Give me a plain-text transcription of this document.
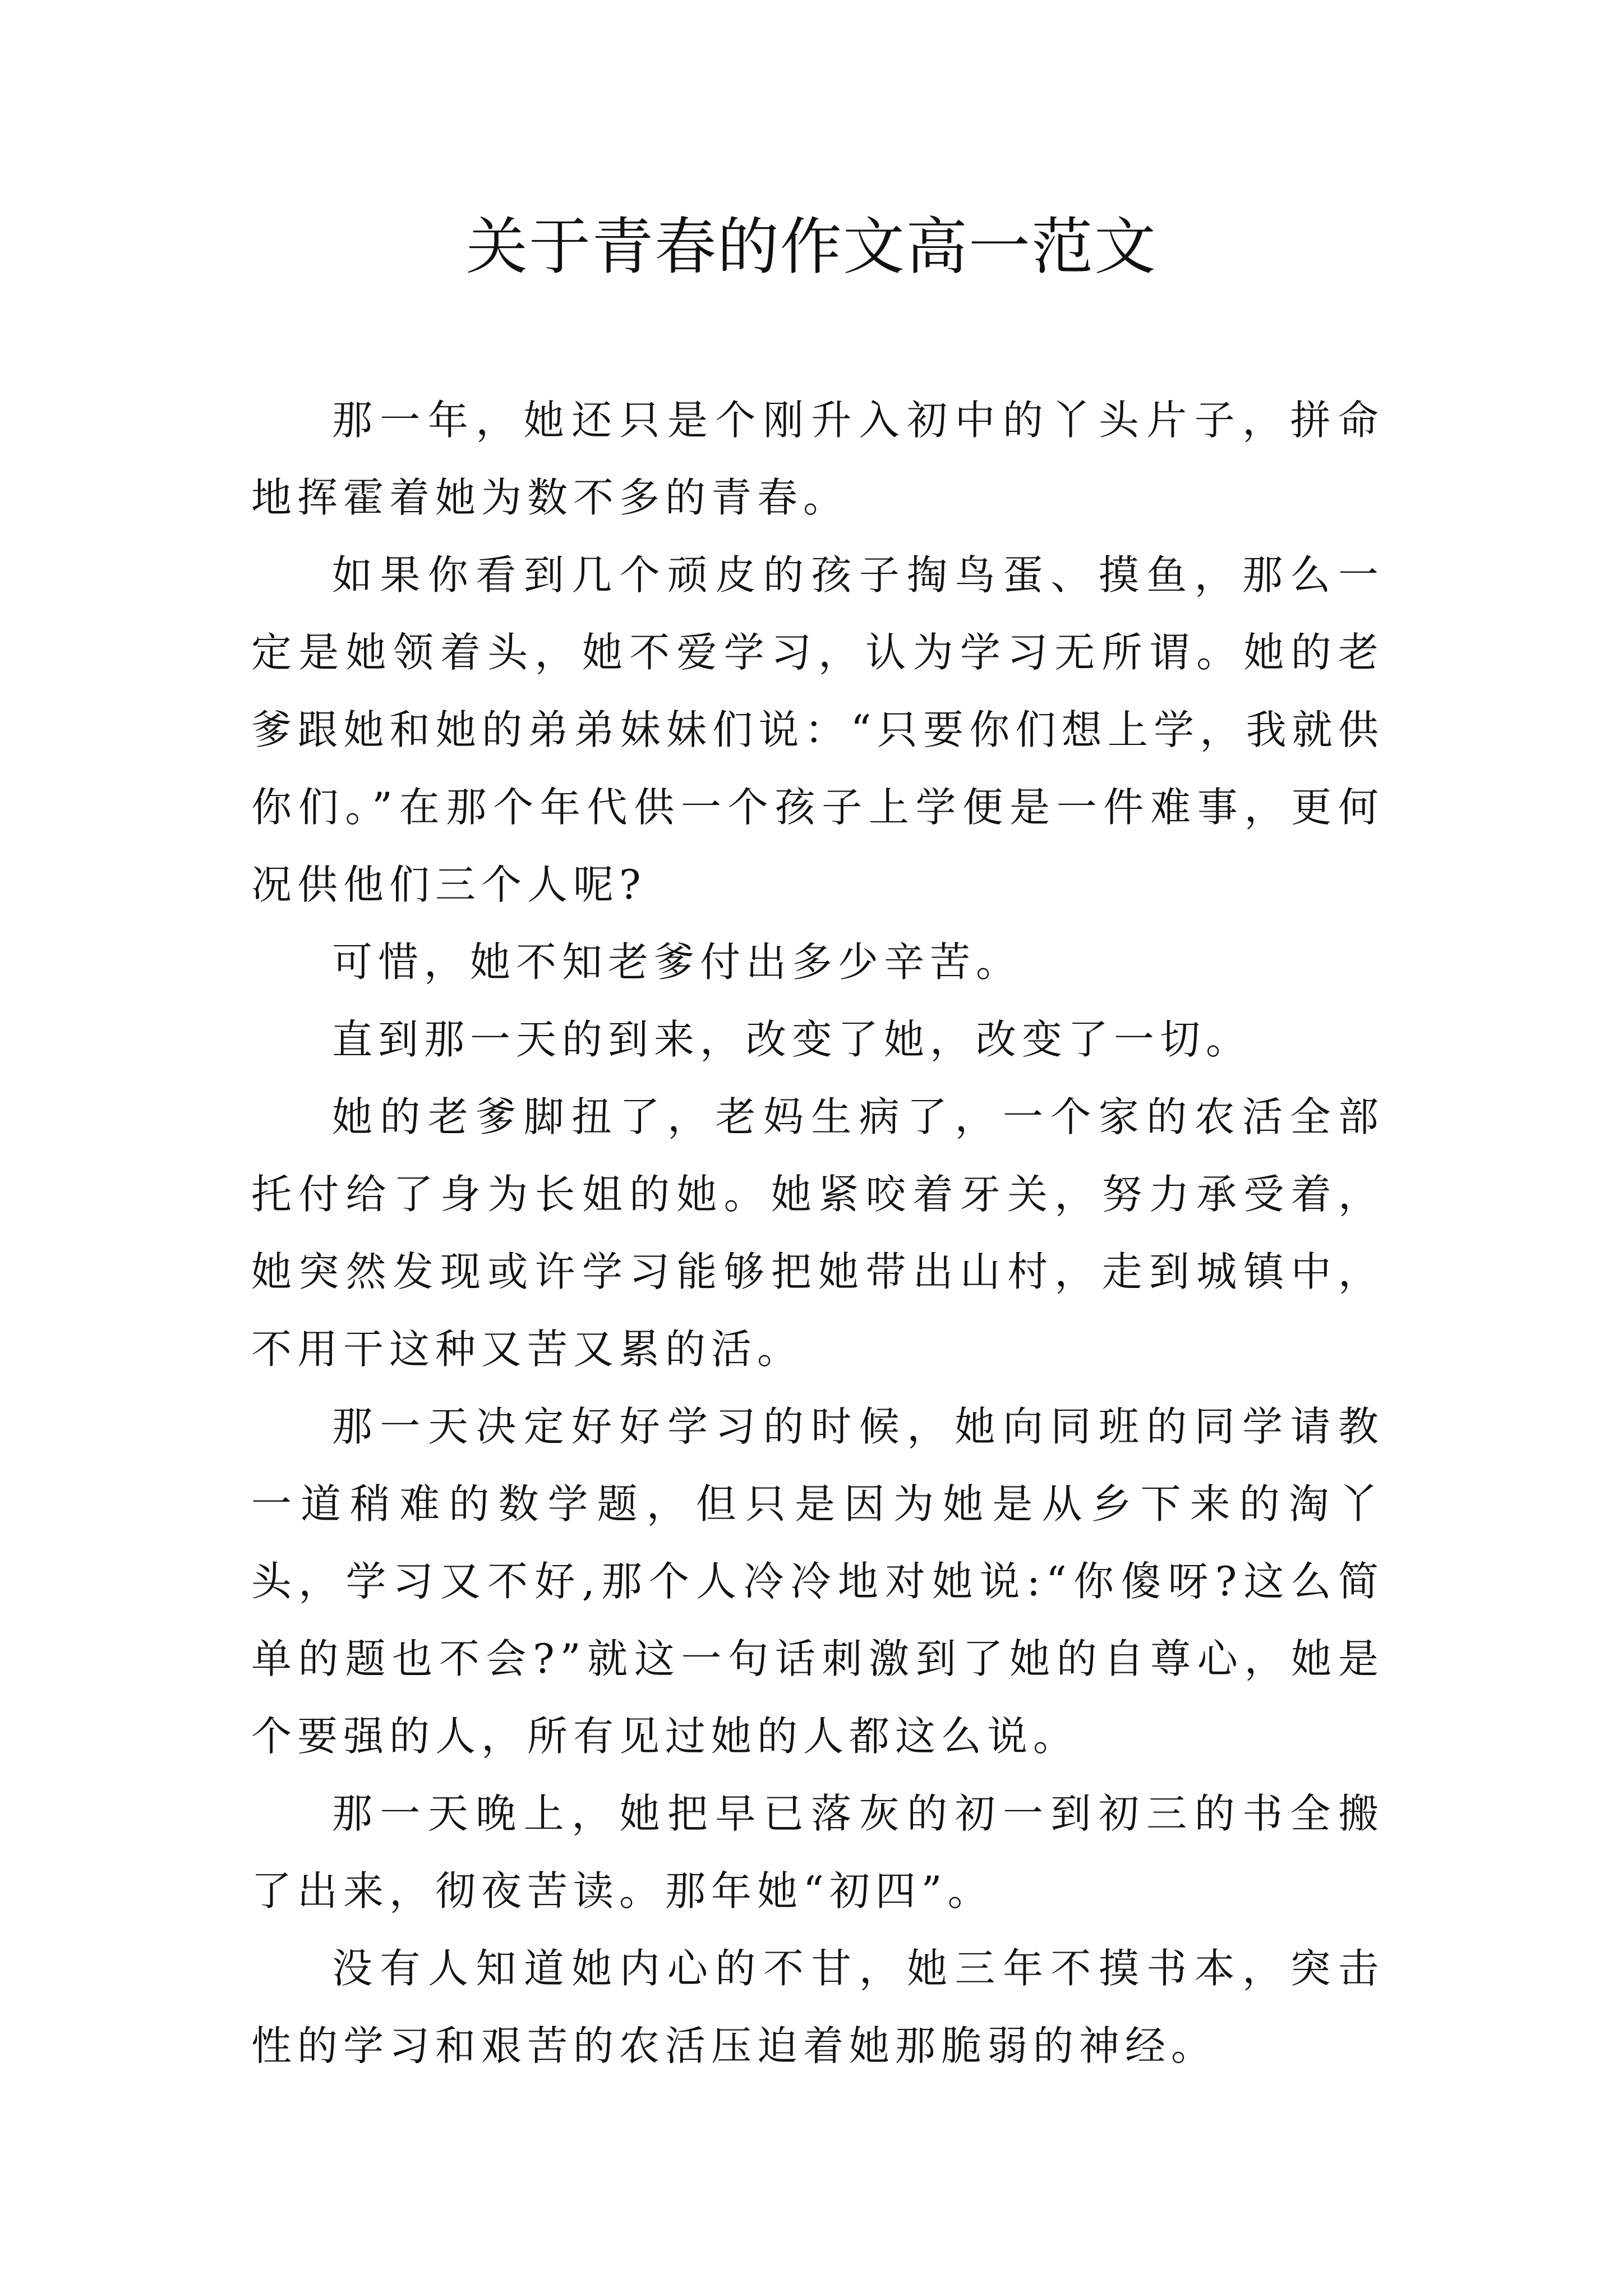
关于青春的作文高一范文

那一年，她还只是个刚升入初中的丫头片子，拼命地挥霍着她为数不多的青春。

如果你看到几个顽皮的孩子掏鸟蛋、摸鱼，那么一定是她领着头，她不爱学习，认为学习无所谓。她的老爹跟她和她的弟弟妹妹们说：“只要你们想上学，我就供你们。”在那个年代供一个孩子上学便是一件难事，更何况供他们三个人呢?

可惜，她不知老爹付出多少辛苦。

直到那一天的到来，改变了她，改变了一切。

她的老爹脚扭了，老妈生病了，一个家的农活全部托付给了身为长姐的她。她紧咬着牙关，努力承受着，她突然发现或许学习能够把她带出山村，走到城镇中，不用干这种又苦又累的活。

那一天决定好好学习的时候，她向同班的同学请教一道稍难的数学题，但只是因为她是从乡下来的淘丫头，学习又不好,那个人冷冷地对她说:“你傻呀?这么简单的题也不会?”就这一句话刺激到了她的自尊心，她是个要强的人，所有见过她的人都这么说。

那一天晚上，她把早已落灰的初一到初三的书全搬了出来，彻夜苦读。那年她“初四”。

没有人知道她内心的不甘，她三年不摸书本，突击性的学习和艰苦的农活压迫着她那脆弱的神经。
